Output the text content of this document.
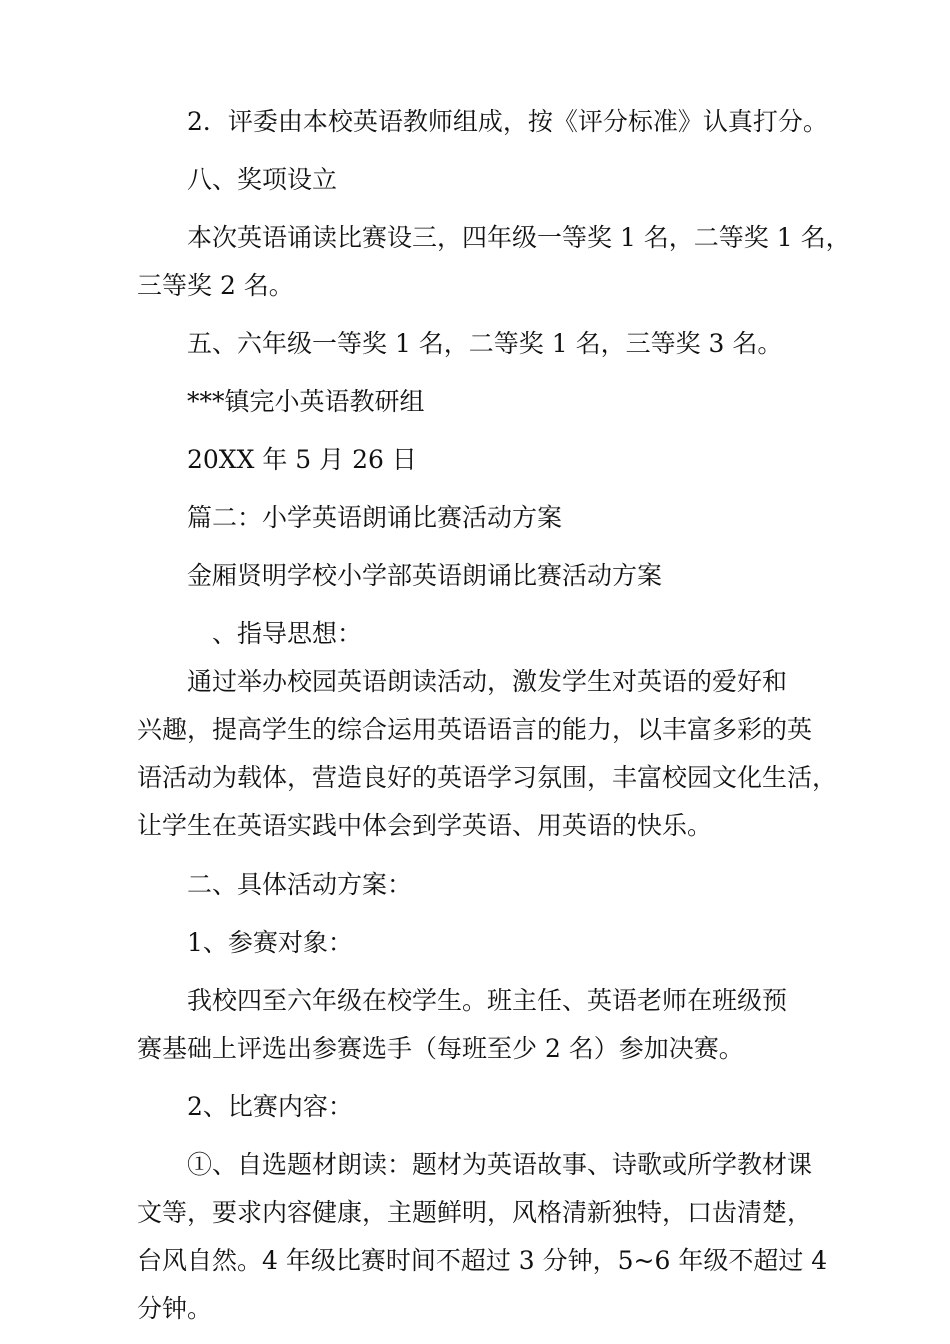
2．评委由本校英语教师组成，按《评分标准》认真打分。
八、奖项设立
本次英语诵读比赛设三，四年级一等奖 1 名，二等奖 1 名，
三等奖 2 名。
五、六年级一等奖 1 名，二等奖 1 名，三等奖 3 名。
***镇完小英语教研组
20XX 年 5 月 26 日
篇二：小学英语朗诵比赛活动方案
金厢贤明学校小学部英语朗诵比赛活动方案
、指导思想：
通过举办校园英语朗读活动，激发学生对英语的爱好和
兴趣，提高学生的综合运用英语语言的能力，以丰富多彩的英
语活动为载体，营造良好的英语学习氛围，丰富校园文化生活，
让学生在英语实践中体会到学英语、用英语的快乐。
二、具体活动方案：
1、参赛对象：
我校四至六年级在校学生。班主任、英语老师在班级预
赛基础上评选出参赛选手（每班至少 2 名）参加决赛。
2、比赛内容：
①、自选题材朗读：题材为英语故事、诗歌或所学教材课
文等，要求内容健康，主题鲜明，风格清新独特，口齿清楚，
台风自然。4 年级比赛时间不超过 3 分钟，5~6 年级不超过 4
分钟。
